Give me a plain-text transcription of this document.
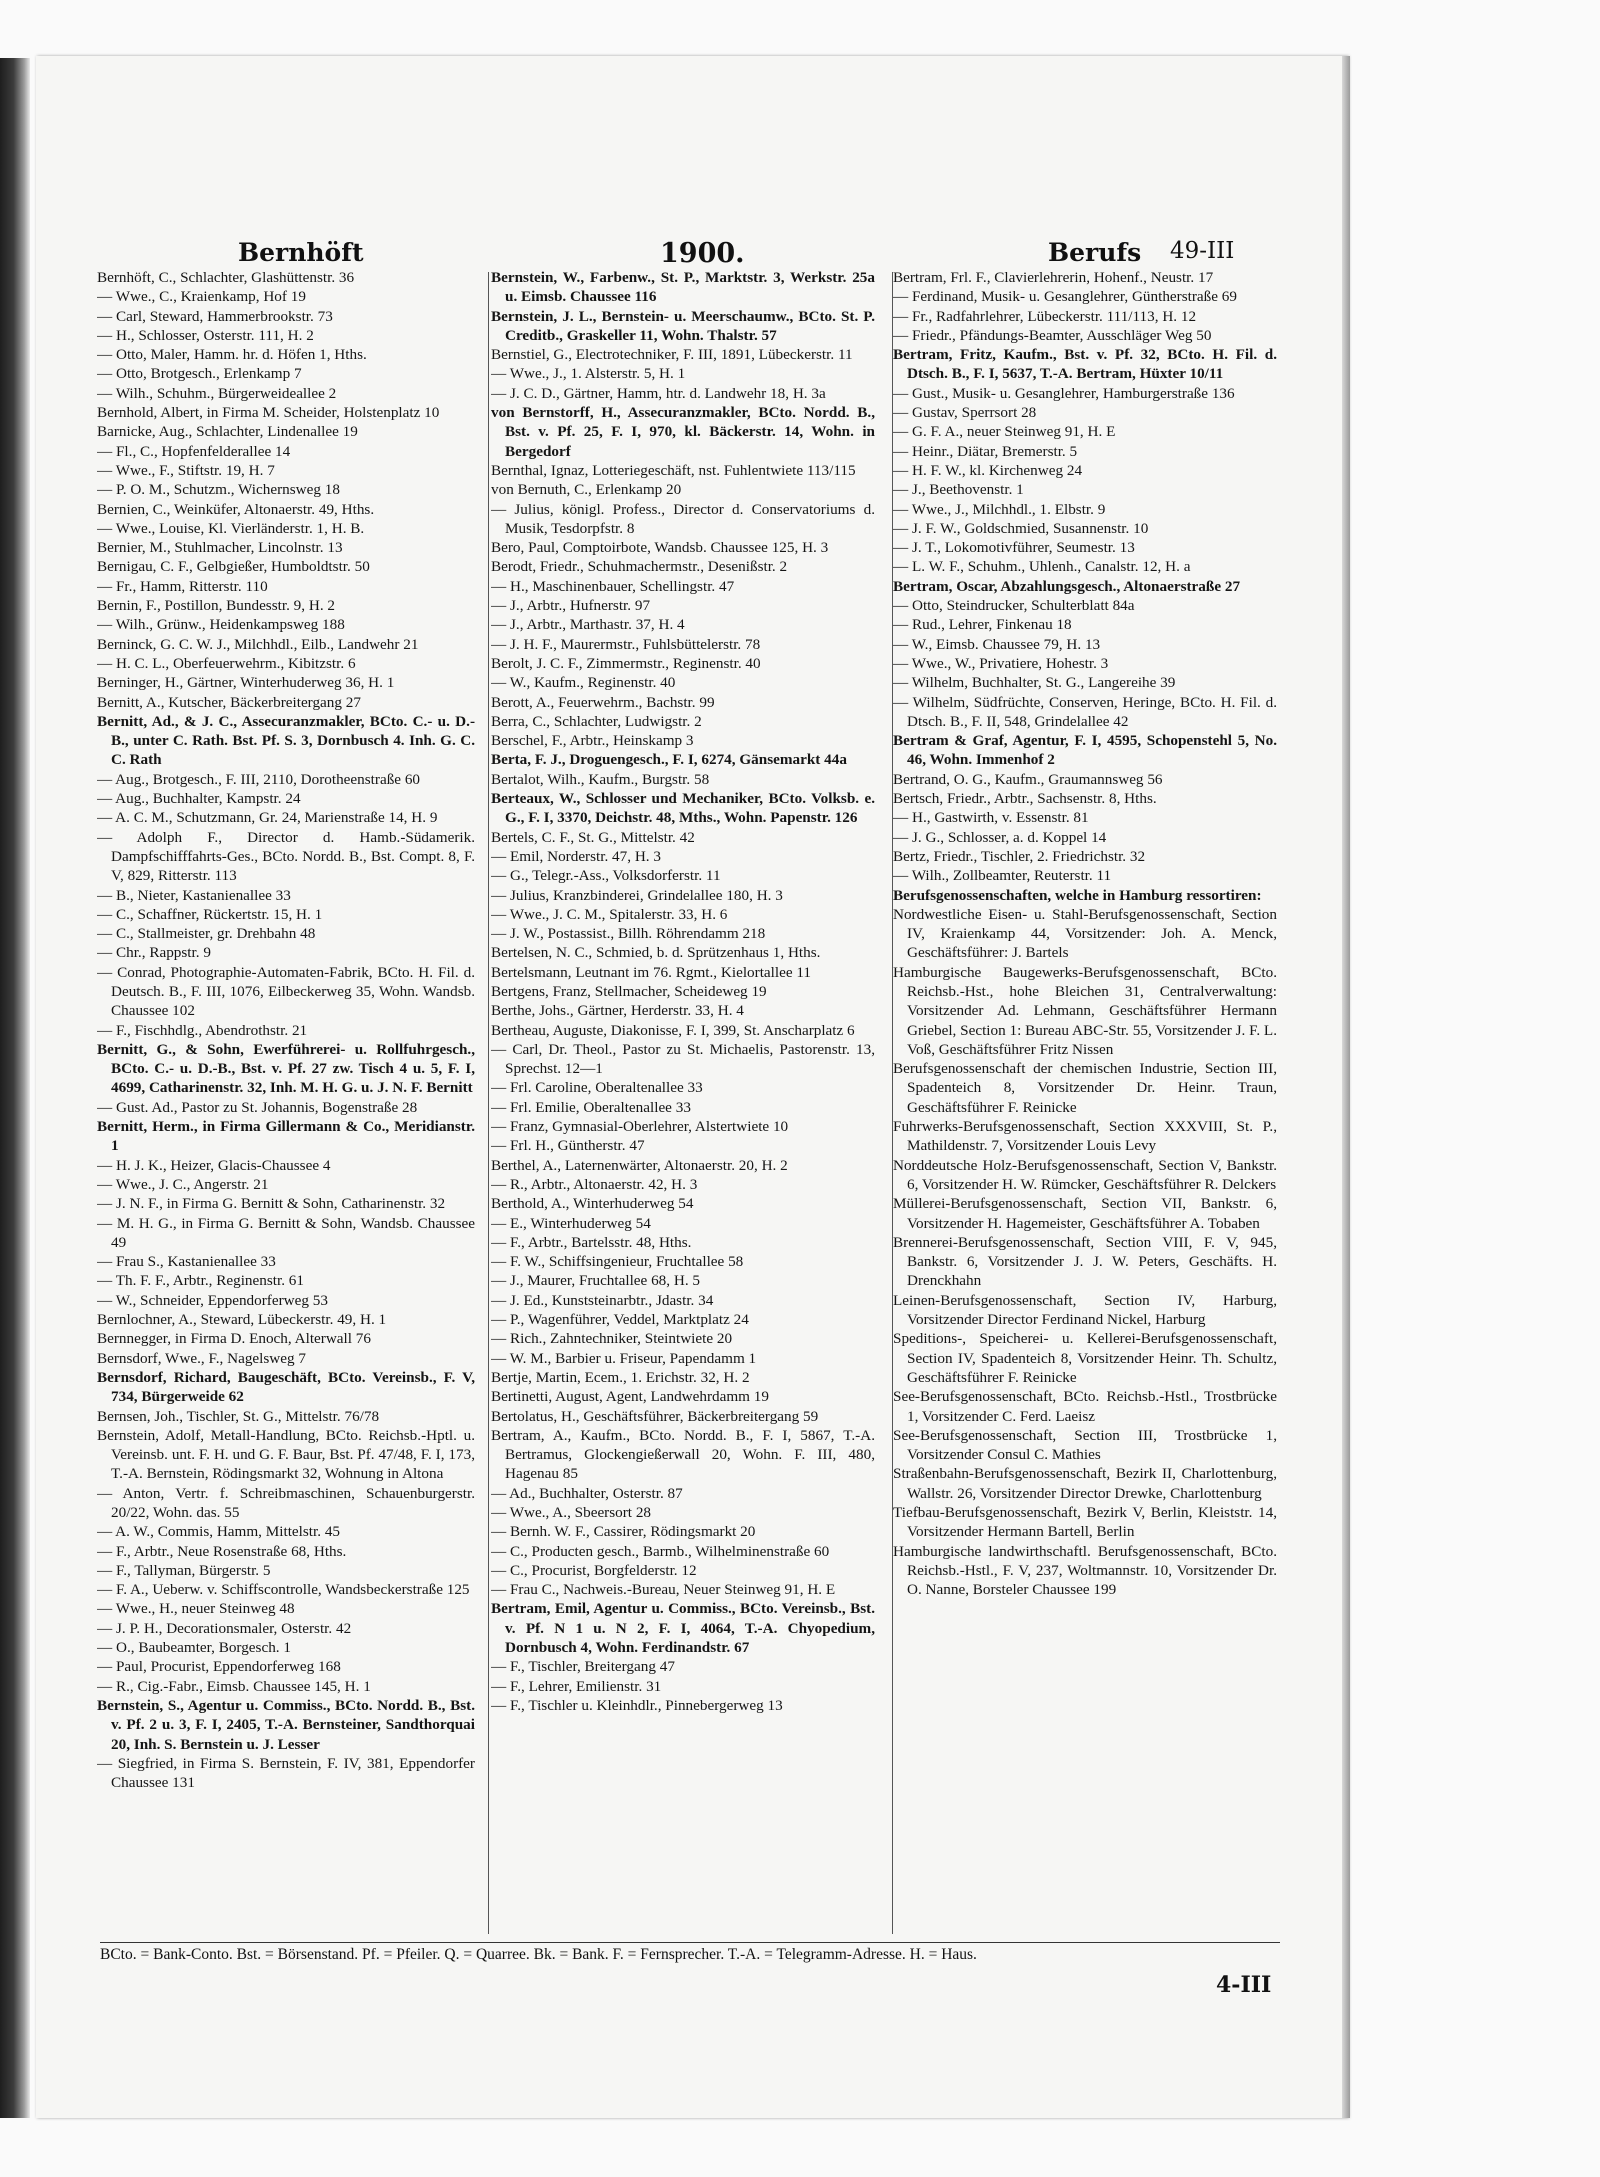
Bernhöft	1900.	Berufs 49-III
Bernhöft, C., Schlachter, Glashüttenstr. 36
— Wwe., C., Kraienkamp, Hof 19
— Carl, Steward, Hammerbrookstr. 73
— H., Schlosser, Osterstr. 111, H. 2
— Otto, Maler, Hamm. hr. d. Höfen 1, Hths.
— Otto, Brotgesch., Erlenkamp 7
— Wilh., Schuhm., Bürgerweideallee 2
Bernhold, Albert, in Firma M. Scheider, Holstenplatz 10
Barnicke, Aug., Schlachter, Lindenallee 19
— Fl., C., Hopfenfelderallee 14
— Wwe., F., Stiftstr. 19, H. 7
— P. O. M., Schutzm., Wichernsweg 18
Bernien, C., Weinküfer, Altonaerstr. 49, Hths.
— Wwe., Louise, Kl. Vierländerstr. 1, H. B.
Bernier, M., Stuhlmacher, Lincolnstr. 13
Bernigau, C. F., Gelbgießer, Humboldtstr. 50
— Fr., Hamm, Ritterstr. 110
Bernin, F., Postillon, Bundesstr. 9, H. 2
— Wilh., Grünw., Heidenkampsweg 188
Berninck, G. C. W. J., Milchhdl., Eilb., Landwehr 21
— H. C. L., Oberfeuerwehrm., Kibitzstr. 6
Berninger, H., Gärtner, Winterhuderweg 36, H. 1
Bernitt, A., Kutscher, Bäckerbreitergang 27
Bernitt, Ad., & J. C., Assecuranzmakler, BCto. C.- u. D.-B., unter C. Rath. Bst. Pf. S. 3, Dornbusch 4. Inh. G. C. C. Rath
— Aug., Brotgesch., F. III, 2110, Dorotheenstraße 60
— Aug., Buchhalter, Kampstr. 24
— A. C. M., Schutzmann, Gr. 24, Marienstraße 14, H. 9
— Adolph F., Director d. Hamb.-Südamerik. Dampfschifffahrts-Ges., BCto. Nordd. B., Bst. Compt. 8, F. V, 829, Ritterstr. 113
— B., Nieter, Kastanienallee 33
— C., Schaffner, Rückertstr. 15, H. 1
— C., Stallmeister, gr. Drehbahn 48
— Chr., Rappstr. 9
— Conrad, Photographie-Automaten-Fabrik, BCto. H. Fil. d. Deutsch. B., F. III, 1076, Eilbeckerweg 35, Wohn. Wandsb. Chaussee 102
— F., Fischhdlg., Abendrothstr. 21
Bernitt, G., & Sohn, Ewerführerei- u. Rollfuhrgesch., BCto. C.- u. D.-B., Bst. v. Pf. 27 zw. Tisch 4 u. 5, F. I, 4699, Catharinenstr. 32, Inh. M. H. G. u. J. N. F. Bernitt
— Gust. Ad., Pastor zu St. Johannis, Bogenstraße 28
Bernitt, Herm., in Firma Gillermann & Co., Meridianstr. 1
— H. J. K., Heizer, Glacis-Chaussee 4
— Wwe., J. C., Angerstr. 21
— J. N. F., in Firma G. Bernitt & Sohn, Catharinenstr. 32
— M. H. G., in Firma G. Bernitt & Sohn, Wandsb. Chaussee 49
— Frau S., Kastanienallee 33
— Th. F. F., Arbtr., Reginenstr. 61
— W., Schneider, Eppendorferweg 53
Bernlochner, A., Steward, Lübeckerstr. 49, H. 1
Bernnegger, in Firma D. Enoch, Alterwall 76
Bernsdorf, Wwe., F., Nagelsweg 7
Bernsdorf, Richard, Baugeschäft, BCto. Vereinsb., F. V, 734, Bürgerweide 62
Bernsen, Joh., Tischler, St. G., Mittelstr. 76/78
Bernstein, Adolf, Metall-Handlung, BCto. Reichsb.-Hptl. u. Vereinsb. unt. F. H. und G. F. Baur, Bst. Pf. 47/48, F. I, 173, T.-A. Bernstein, Rödingsmarkt 32, Wohnung in Altona
— Anton, Vertr. f. Schreibmaschinen, Schauenburgerstr. 20/22, Wohn. das. 55
— A. W., Commis, Hamm, Mittelstr. 45
— F., Arbtr., Neue Rosenstraße 68, Hths.
— F., Tallyman, Bürgerstr. 5
— F. A., Ueberw. v. Schiffscontrolle, Wandsbeckerstraße 125
— Wwe., H., neuer Steinweg 48
— J. P. H., Decorationsmaler, Osterstr. 42
— O., Baubeamter, Borgesch. 1
— Paul, Procurist, Eppendorferweg 168
— R., Cig.-Fabr., Eimsb. Chaussee 145, H. 1
Bernstein, S., Agentur u. Commiss., BCto. Nordd. B., Bst. v. Pf. 2 u. 3, F. I, 2405, T.-A. Bernsteiner, Sandthorquai 20, Inh. S. Bernstein u. J. Lesser
— Siegfried, in Firma S. Bernstein, F. IV, 381, Eppendorfer Chaussee 131
Bernstein, W., Farbenw., St. P., Marktstr. 3, Werkstr. 25a u. Eimsb. Chaussee 116
Bernstein, J. L., Bernstein- u. Meerschaumw., BCto. St. P. Creditb., Graskeller 11, Wohn. Thalstr. 57
Bernstiel, G., Electrotechniker, F. III, 1891, Lübeckerstr. 11
— Wwe., J., 1. Alsterstr. 5, H. 1
— J. C. D., Gärtner, Hamm, htr. d. Landwehr 18, H. 3a
von Bernstorff, H., Assecuranzmakler, BCto. Nordd. B., Bst. v. Pf. 25, F. I, 970, kl. Bäckerstr. 14, Wohn. in Bergedorf
Bernthal, Ignaz, Lotteriegeschäft, nst. Fuhlentwiete 113/115
von Bernuth, C., Erlenkamp 20
— Julius, königl. Profess., Director d. Conservatoriums d. Musik, Tesdorpfstr. 8
Bero, Paul, Comptoirbote, Wandsb. Chaussee 125, H. 3
Berodt, Friedr., Schuhmachermstr., Desenißstr. 2
— H., Maschinenbauer, Schellingstr. 47
— J., Arbtr., Hufnerstr. 97
— J., Arbtr., Marthastr. 37, H. 4
— J. H. F., Maurermstr., Fuhlsbüttelerstr. 78
Berolt, J. C. F., Zimmermstr., Reginenstr. 40
— W., Kaufm., Reginenstr. 40
Berott, A., Feuerwehrm., Bachstr. 99
Berra, C., Schlachter, Ludwigstr. 2
Berschel, F., Arbtr., Heinskamp 3
Berta, F. J., Droguengesch., F. I, 6274, Gänsemarkt 44a
Bertalot, Wilh., Kaufm., Burgstr. 58
Berteaux, W., Schlosser und Mechaniker, BCto. Volksb. e. G., F. I, 3370, Deichstr. 48, Mths., Wohn. Papenstr. 126
Bertels, C. F., St. G., Mittelstr. 42
— Emil, Norderstr. 47, H. 3
— G., Telegr.-Ass., Volksdorferstr. 11
— Julius, Kranzbinderei, Grindelallee 180, H. 3
— Wwe., J. C. M., Spitalerstr. 33, H. 6
— J. W., Postassist., Billh. Röhrendamm 218
Bertelsen, N. C., Schmied, b. d. Sprützenhaus 1, Hths.
Bertelsmann, Leutnant im 76. Rgmt., Kielortallee 11
Bertgens, Franz, Stellmacher, Scheideweg 19
Berthe, Johs., Gärtner, Herderstr. 33, H. 4
Bertheau, Auguste, Diakonisse, F. I, 399, St. Anscharplatz 6
— Carl, Dr. Theol., Pastor zu St. Michaelis, Pastorenstr. 13, Sprechst. 12—1
— Frl. Caroline, Oberaltenallee 33
— Frl. Emilie, Oberaltenallee 33
— Franz, Gymnasial-Oberlehrer, Alstertwiete 10
— Frl. H., Güntherstr. 47
Berthel, A., Laternenwärter, Altonaerstr. 20, H. 2
— R., Arbtr., Altonaerstr. 42, H. 3
Berthold, A., Winterhuderweg 54
— E., Winterhuderweg 54
— F., Arbtr., Bartelsstr. 48, Hths.
— F. W., Schiffsingenieur, Fruchtallee 58
— J., Maurer, Fruchtallee 68, H. 5
— J. Ed., Kunststeinarbtr., Jdastr. 34
— P., Wagenführer, Veddel, Marktplatz 24
— Rich., Zahntechniker, Steintwiete 20
— W. M., Barbier u. Friseur, Papendamm 1
Bertje, Martin, Ecem., 1. Erichstr. 32, H. 2
Bertinetti, August, Agent, Landwehrdamm 19
Bertolatus, H., Geschäftsführer, Bäckerbreitergang 59
Bertram, A., Kaufm., BCto. Nordd. B., F. I, 5867, T.-A. Bertramus, Glockengießerwall 20, Wohn. F. III, 480, Hagenau 85
— Ad., Buchhalter, Osterstr. 87
— Wwe., A., Sbeersort 28
— Bernh. W. F., Cassirer, Rödingsmarkt 20
— C., Producten gesch., Barmb., Wilhelminenstraße 60
— C., Procurist, Borgfelderstr. 12
— Frau C., Nachweis.-Bureau, Neuer Steinweg 91, H. E
Bertram, Emil, Agentur u. Commiss., BCto. Vereinsb., Bst. v. Pf. N 1 u. N 2, F. I, 4064, T.-A. Chyopedium, Dornbusch 4, Wohn. Ferdinandstr. 67
— F., Tischler, Breitergang 47
— F., Lehrer, Emilienstr. 31
— F., Tischler u. Kleinhdlr., Pinnebergerweg 13
Bertram, Frl. F., Clavierlehrerin, Hohenf., Neustr. 17
— Ferdinand, Musik- u. Gesanglehrer, Güntherstraße 69
— Fr., Radfahrlehrer, Lübeckerstr. 111/113, H. 12
— Friedr., Pfändungs-Beamter, Ausschläger Weg 50
Bertram, Fritz, Kaufm., Bst. v. Pf. 32, BCto. H. Fil. d. Dtsch. B., F. I, 5637, T.-A. Bertram, Hüxter 10/11
— Gust., Musik- u. Gesanglehrer, Hamburgerstraße 136
— Gustav, Sperrsort 28
— G. F. A., neuer Steinweg 91, H. E
— Heinr., Diätar, Bremerstr. 5
— H. F. W., kl. Kirchenweg 24
— J., Beethovenstr. 1
— Wwe., J., Milchhdl., 1. Elbstr. 9
— J. F. W., Goldschmied, Susannenstr. 10
— J. T., Lokomotivführer, Seumestr. 13
— L. W. F., Schuhm., Uhlenh., Canalstr. 12, H. a
Bertram, Oscar, Abzahlungsgesch., Altonaerstraße 27
— Otto, Steindrucker, Schulterblatt 84a
— Rud., Lehrer, Finkenau 18
— W., Eimsb. Chaussee 79, H. 13
— Wwe., W., Privatiere, Hohestr. 3
— Wilhelm, Buchhalter, St. G., Langereihe 39
— Wilhelm, Südfrüchte, Conserven, Heringe, BCto. H. Fil. d. Dtsch. B., F. II, 548, Grindelallee 42
Bertram & Graf, Agentur, F. I, 4595, Schopenstehl 5, No. 46, Wohn. Immenhof 2
Bertrand, O. G., Kaufm., Graumannsweg 56
Bertsch, Friedr., Arbtr., Sachsenstr. 8, Hths.
— H., Gastwirth, v. Essenstr. 81
— J. G., Schlosser, a. d. Koppel 14
Bertz, Friedr., Tischler, 2. Friedrichstr. 32
— Wilh., Zollbeamter, Reuterstr. 11
Berufsgenossenschaften, welche in Hamburg ressortiren:
Nordwestliche Eisen- u. Stahl-Berufsgenossenschaft, Section IV, Kraienkamp 44, Vorsitzender: Joh. A. Menck, Geschäftsführer: J. Bartels
Hamburgische Baugewerks-Berufsgenossenschaft, BCto. Reichsb.-Hst., hohe Bleichen 31, Centralverwaltung: Vorsitzender Ad. Lehmann, Geschäftsführer Hermann Griebel, Section 1: Bureau ABC-Str. 55, Vorsitzender J. F. L. Voß, Geschäftsführer Fritz Nissen
Berufsgenossenschaft der chemischen Industrie, Section III, Spadenteich 8, Vorsitzender Dr. Heinr. Traun, Geschäftsführer F. Reinicke
Fuhrwerks-Berufsgenossenschaft, Section XXXVIII, St. P., Mathildenstr. 7, Vorsitzender Louis Levy
Norddeutsche Holz-Berufsgenossenschaft, Section V, Bankstr. 6, Vorsitzender H. W. Rümcker, Geschäftsführer R. Delckers
Müllerei-Berufsgenossenschaft, Section VII, Bankstr. 6, Vorsitzender H. Hagemeister, Geschäftsführer A. Tobaben
Brennerei-Berufsgenossenschaft, Section VIII, F. V, 945, Bankstr. 6, Vorsitzender J. J. W. Peters, Geschäfts. H. Drenckhahn
Leinen-Berufsgenossenschaft, Section IV, Harburg, Vorsitzender Director Ferdinand Nickel, Harburg
Speditions-, Speicherei- u. Kellerei-Berufsgenossenschaft, Section IV, Spadenteich 8, Vorsitzender Heinr. Th. Schultz, Geschäftsführer F. Reinicke
See-Berufsgenossenschaft, BCto. Reichsb.-Hstl., Trostbrücke 1, Vorsitzender C. Ferd. Laeisz
See-Berufsgenossenschaft, Section III, Trostbrücke 1, Vorsitzender Consul C. Mathies
Straßenbahn-Berufsgenossenschaft, Bezirk II, Charlottenburg, Wallstr. 26, Vorsitzender Director Drewke, Charlottenburg
Tiefbau-Berufsgenossenschaft, Bezirk V, Berlin, Kleiststr. 14, Vorsitzender Hermann Bartell, Berlin
Hamburgische landwirthschaftl. Berufsgenossenschaft, BCto. Reichsb.-Hstl., F. V, 237, Woltmannstr. 10, Vorsitzender Dr. O. Nanne, Borsteler Chaussee 199
BCto. = Bank-Conto. Bst. = Börsenstand. Pf. = Pfeiler. Q. = Quarree. Bk. = Bank. F. = Fernsprecher. T.-A. = Telegramm-Adresse. H. = Haus.
4-III
